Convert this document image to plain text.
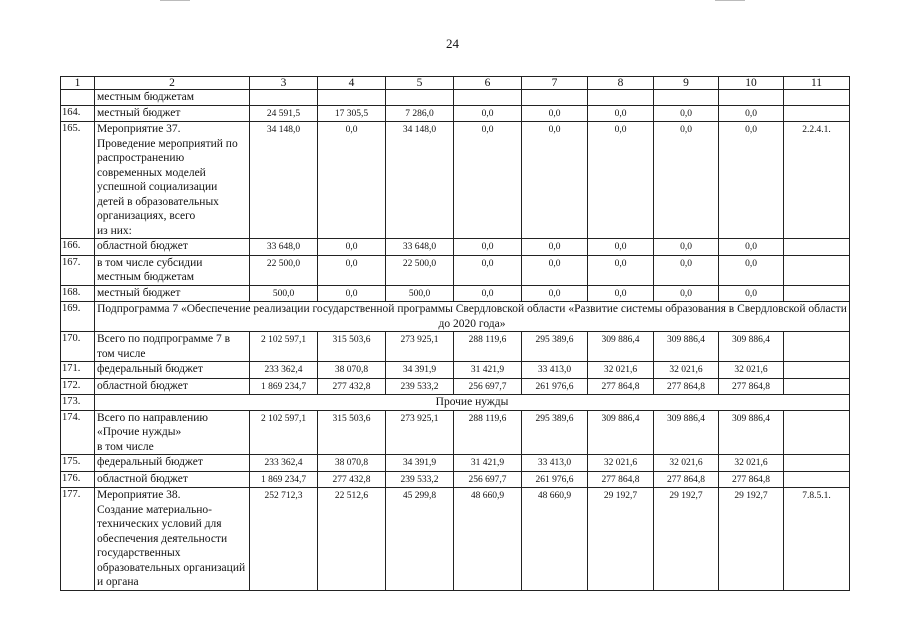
24
1	2	3	4	5	6	7	8	9	10	11
	местным бюджетам									
164.	местный бюджет	24 591,5	17 305,5	7 286,0	0,0	0,0	0,0	0,0	0,0	
165.	Мероприятие 37.
Проведение мероприятий по распространению современных моделей успешной социализации детей в образовательных организациях, всего
из них:	34 148,0	0,0	34 148,0	0,0	0,0	0,0	0,0	0,0	2.2.4.1.
166.	областной бюджет	33 648,0	0,0	33 648,0	0,0	0,0	0,0	0,0	0,0	
167.	в том числе субсидии местным бюджетам	22 500,0	0,0	22 500,0	0,0	0,0	0,0	0,0	0,0	
168.	местный бюджет	500,0	0,0	500,0	0,0	0,0	0,0	0,0	0,0	
169.	Подпрограмма 7 «Обеспечение реализации государственной программы Свердловской области «Развитие системы образования в Свердловской области до 2020 года»									
170.	Всего по подпрограмме 7 в том числе	2 102 597,1	315 503,6	273 925,1	288 119,6	295 389,6	309 886,4	309 886,4	309 886,4	
171.	федеральный бюджет	233 362,4	38 070,8	34 391,9	31 421,9	33 413,0	32 021,6	32 021,6	32 021,6	
172.	областной бюджет	1 869 234,7	277 432,8	239 533,2	256 697,7	261 976,6	277 864,8	277 864,8	277 864,8	
173.	Прочие нужды									
174.	Всего по направлению «Прочие нужды»
в том числе	2 102 597,1	315 503,6	273 925,1	288 119,6	295 389,6	309 886,4	309 886,4	309 886,4	
175.	федеральный бюджет	233 362,4	38 070,8	34 391,9	31 421,9	33 413,0	32 021,6	32 021,6	32 021,6	
176.	областной бюджет	1 869 234,7	277 432,8	239 533,2	256 697,7	261 976,6	277 864,8	277 864,8	277 864,8	
177.	Мероприятие 38.
Создание материально-технических условий для обеспечения деятельности государственных образовательных организаций и органа	252 712,3	22 512,6	45 299,8	48 660,9	48 660,9	29 192,7	29 192,7	29 192,7	7.8.5.1.
